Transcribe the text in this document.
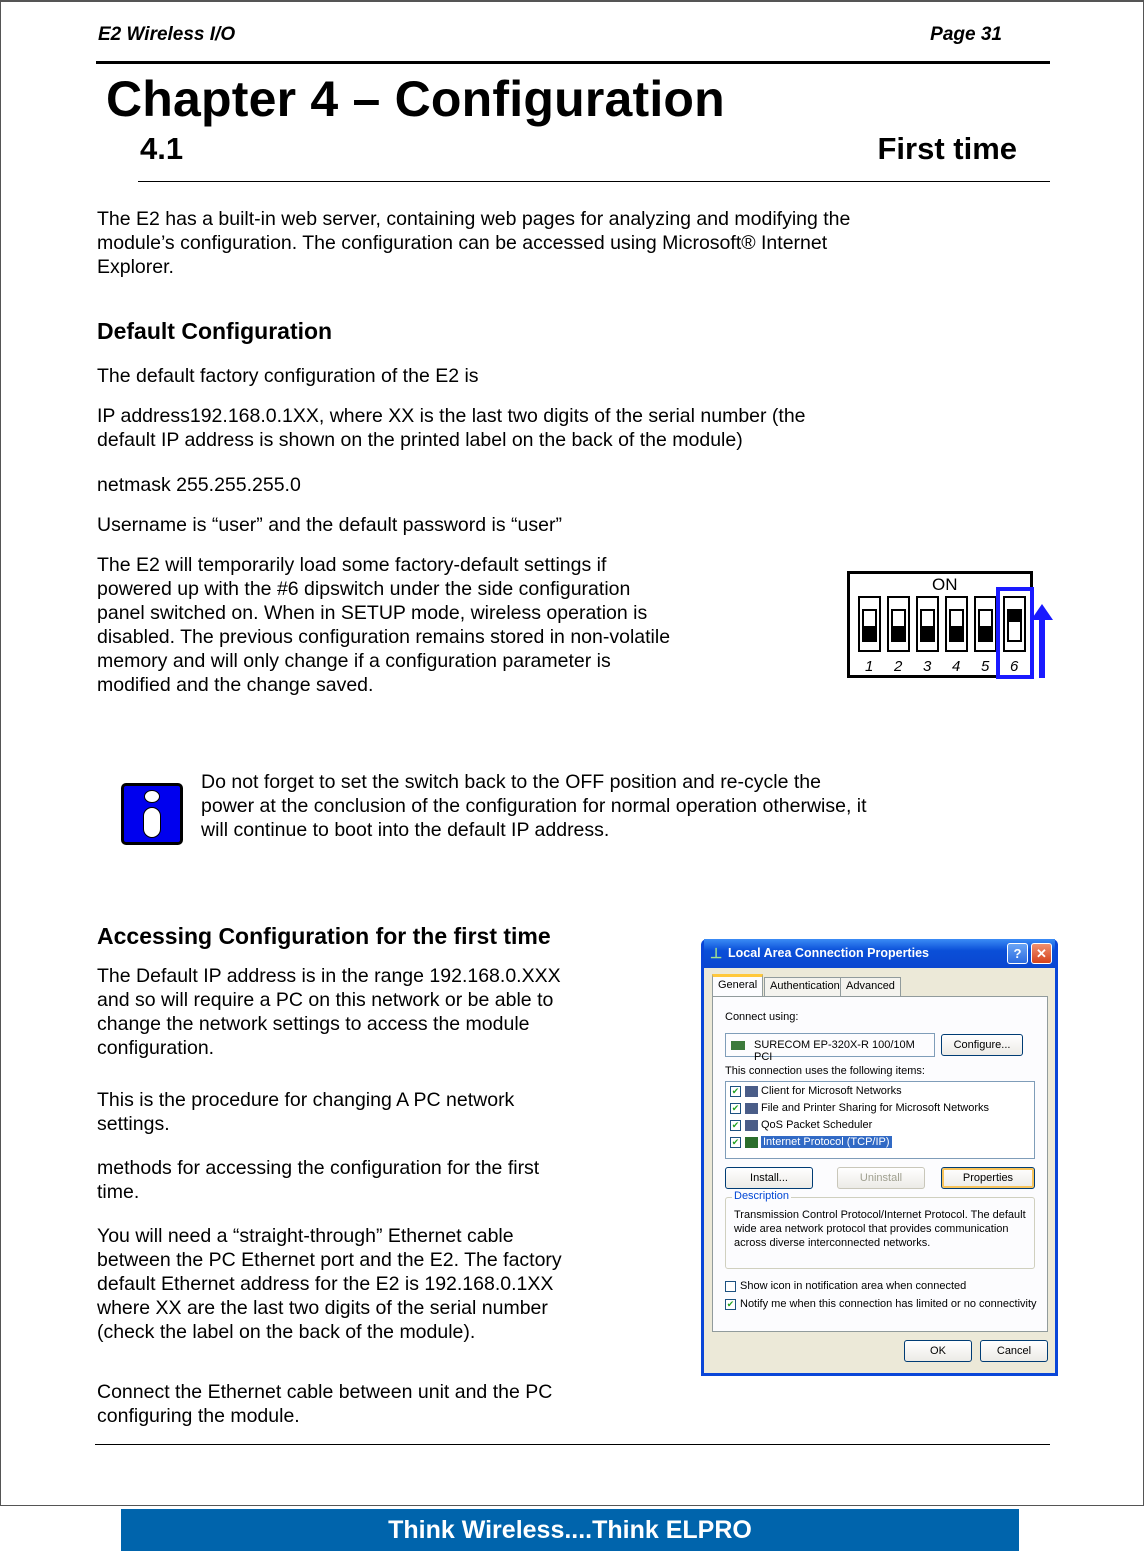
E2 Wireless I/O	Page 31
Chapter 4 – Configuration
4.1	First time
The E2 has a built-in web server, containing web pages for analyzing and modifying the
module’s configuration. The configuration can be accessed using Microsoft® Internet
Explorer.
Default Configuration
The default factory configuration of the E2 is
IP address192.168.0.1XX, where XX is the last two digits of the serial number (the
default IP address is shown on the printed label on the back of the module)
netmask 255.255.255.0
Username is “user” and the default password is “user”
The E2 will temporarily load some factory-default settings if
powered up with the #6 dipswitch under the side configuration
panel switched on. When in SETUP mode, wireless operation is
disabled. The previous configuration remains stored in non-volatile
memory and will only change if a configuration parameter is
modified and the change saved.
ON
1 2 3 4 5 6
Do not forget to set the switch back to the OFF position and re-cycle the
power at the conclusion of the configuration for normal operation otherwise, it
will continue to boot into the default IP address.
Accessing Configuration for the first time
The Default IP address is in the range 192.168.0.XXX
and so will require a PC on this network or be able to
change the network settings to access the module
configuration.
This is the procedure for changing A PC network
settings.
methods for accessing the configuration for the first
time.
You will need a “straight-through” Ethernet cable
between the PC Ethernet port and the E2. The factory
default Ethernet address for the E2 is 192.168.0.1XX
where XX are the last two digits of the serial number
(check the label on the back of the module).
Connect the Ethernet cable between unit and the PC
configuring the module.
⊥ Local Area Connection Properties	?	✕
General	Authentication Advanced
Connect using:
SURECOM EP-320X-R 100/10M PCI
Configure...
This connection uses the following items:
✔ Client for Microsoft Networks
✔ File and Printer Sharing for Microsoft Networks
✔ QoS Packet Scheduler
✔ Internet Protocol (TCP/IP)
Install...	Uninstall	Properties
Description
Transmission Control Protocol/Internet Protocol. The default wide area network protocol that provides communication across diverse interconnected networks.
Show icon in notification area when connected
✔ Notify me when this connection has limited or no connectivity
OK	Cancel
Think Wireless....Think ELPRO
